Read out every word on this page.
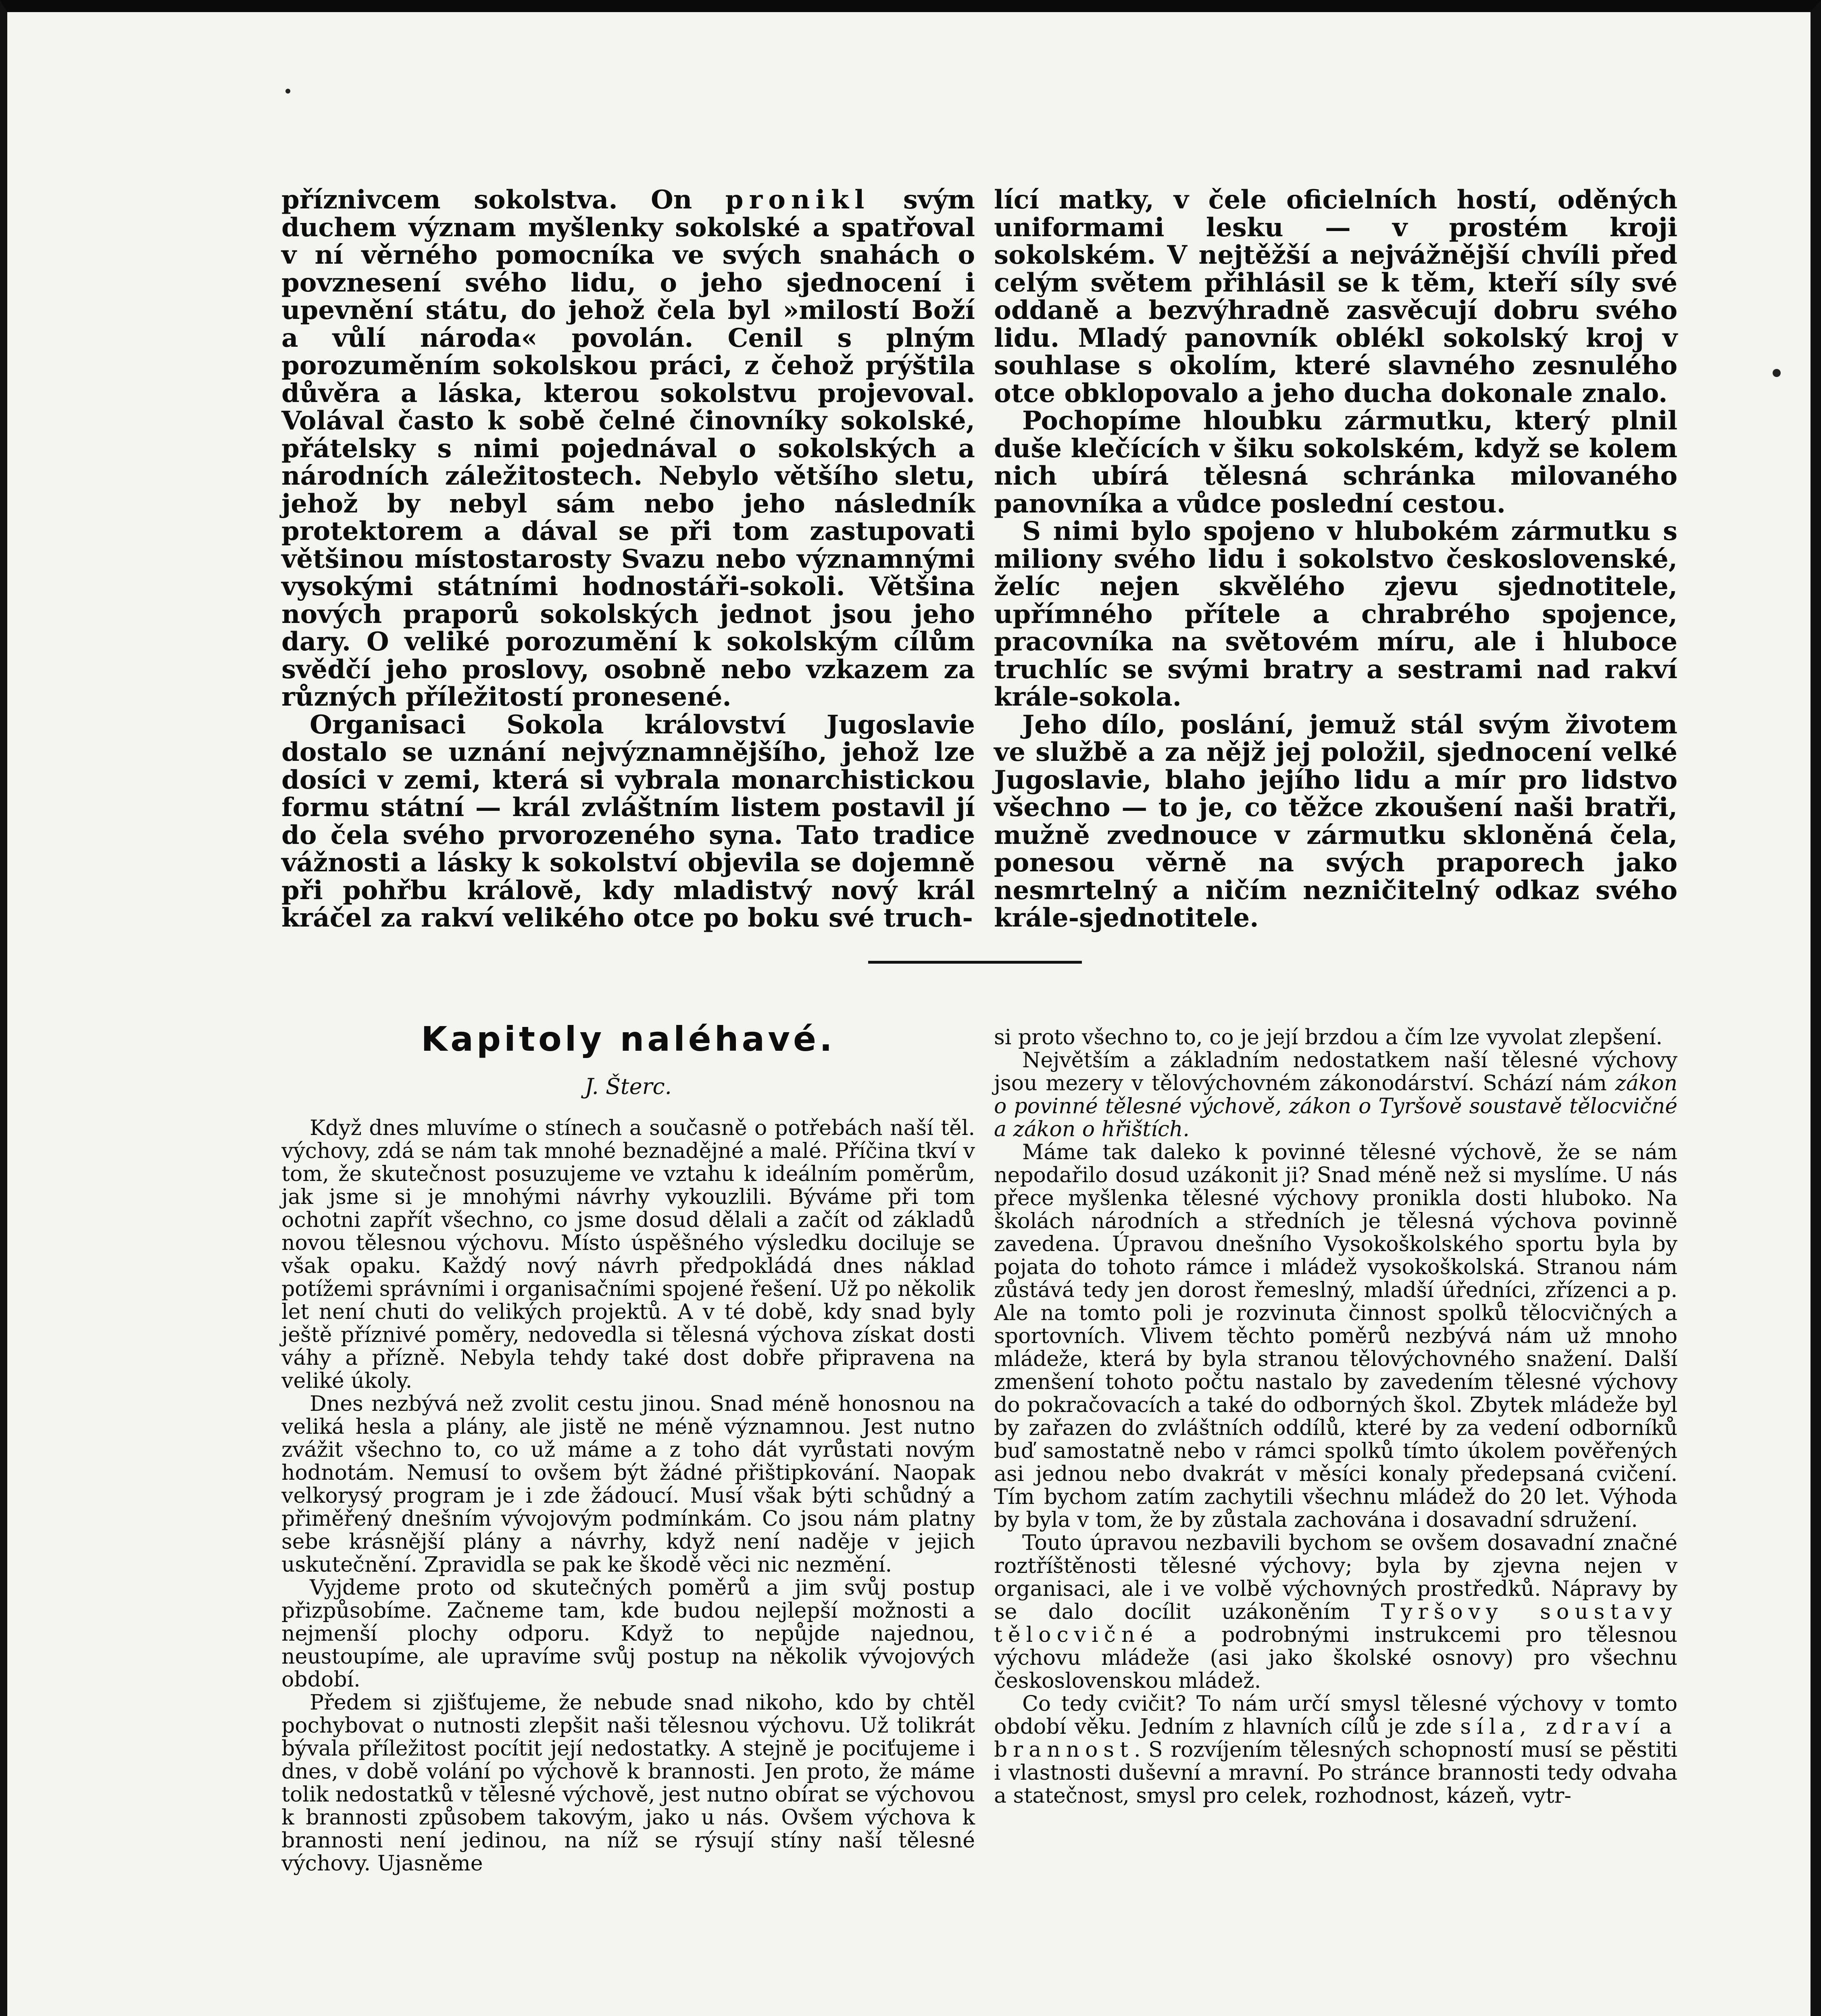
příznivcem sokolstva. On pronikl svým duchem význam myšlenky sokolské a spatřoval v ní věrného pomocníka ve svých snahách o povznesení svého lidu, o jeho sjednocení i upevnění státu, do jehož čela byl »milostí Boží a vůlí národa« povolán. Cenil s plným porozuměním sokolskou práci, z čehož prýštila důvěra a láska, kterou sokolstvu projevoval. Volával často k sobě čelné činovníky sokolské, přátelsky s nimi pojednával o sokolských a národních záležitostech. Nebylo většího sletu, jehož by nebyl sám nebo jeho následník protektorem a dával se při tom zastupovati většinou místostarosty Svazu nebo významnými vysokými státními hodnostáři-sokoli. Většina nových praporů sokolských jednot jsou jeho dary. O veliké porozumění k sokolským cílům svědčí jeho proslovy, osobně nebo vzkazem za různých příležitostí pronesené.

Organisaci Sokola království Jugoslavie dostalo se uznání nejvýznamnějšího, jehož lze dosíci v zemi, která si vybrala monarchistickou formu státní — král zvláštním listem postavil jí do čela svého prvorozeného syna. Tato tradice vážnosti a lásky k sokolství objevila se dojemně při pohřbu královĕ, kdy mladistvý nový král kráčel za rakví velikého otce po boku své truch-

lící matky, v čele oficielních hostí, oděných uniformami lesku — v prostém kroji sokolském. V nejtěžší a nejvážnější chvíli před celým světem přihlásil se k těm, kteří síly své oddaně a bezvýhradně zasvěcují dobru svého lidu. Mladý panovník oblékl sokolský kroj v souhlase s okolím, které slavného zesnulého otce obklopovalo a jeho ducha dokonale znalo.

Pochopíme hloubku zármutku, který plnil duše klečících v šiku sokolském, když se kolem nich ubírá tělesná schránka milovaného panovníka a vůdce poslední cestou.

S nimi bylo spojeno v hlubokém zármutku s miliony svého lidu i sokolstvo československé, želíc nejen skvělého zjevu sjednotitele, upřímného přítele a chrabrého spojence, pracovníka na světovém míru, ale i hluboce truchlíc se svými bratry a sestrami nad rakví krále-sokola.

Jeho dílo, poslání, jemuž stál svým životem ve službě a za nějž jej položil, sjednocení velké Jugoslavie, blaho jejího lidu a mír pro lidstvo všechno — to je, co těžce zkoušení naši bratři, mužně zvednouce v zármutku skloněná čela, ponesou věrně na svých praporech jako nesmrtelný a ničím nezničitelný odkaz svého krále-sjednotitele.

Kapitoly naléhavé.

J. Šterc.

Když dnes mluvíme o stínech a současně o potřebách naší těl. výchovy, zdá se nám tak mnohé beznadějné a malé. Příčina tkví v tom, že skutečnost posuzujeme ve vztahu k ideálním poměrům, jak jsme si je mnohými návrhy vykouzlili. Býváme při tom ochotni zapřít všechno, co jsme dosud dělali a začít od základů novou tělesnou výchovu. Místo úspěšného výsledku dociluje se však opaku. Každý nový návrh předpokládá dnes náklad potížemi správními i organisačními spojené řešení. Už po několik let není chuti do velikých projektů. A v té době, kdy snad byly ještě příznivé poměry, nedovedla si tělesná výchova získat dosti váhy a přízně. Nebyla tehdy také dost dobře připravena na veliké úkoly.

Dnes nezbývá než zvolit cestu jinou. Snad méně honosnou na veliká hesla a plány, ale jistě ne méně významnou. Jest nutno zvážit všechno to, co už máme a z toho dát vyrůstati novým hodnotám. Nemusí to ovšem být žádné přištipkování. Naopak velkorysý program je i zde žádoucí. Musí však býti schůdný a přiměřený dnešním vývojovým podmínkám. Co jsou nám platny sebe krásnější plány a návrhy, když není naděje v jejich uskutečnění. Zpravidla se pak ke škodě věci nic nezmění.

Vyjdeme proto od skutečných poměrů a jim svůj postup přizpůsobíme. Začneme tam, kde budou nejlepší možnosti a nejmenší plochy odporu. Když to nepůjde najednou, neustoupíme, ale upravíme svůj postup na několik vývojových období.

Předem si zjišťujeme, že nebude snad nikoho, kdo by chtěl pochybovat o nutnosti zlepšit naši tělesnou výchovu. Už tolikrát bývala příležitost pocítit její nedostatky. A stejně je pociťujeme i dnes, v době volání po výchově k brannosti. Jen proto, že máme tolik nedostatků v tělesné výchově, jest nutno obírat se výchovou k brannosti způsobem takovým, jako u nás. Ovšem výchova k brannosti není jedinou, na níž se rýsují stíny naší tělesné výchovy. Ujasněme

si proto všechno to, co je její brzdou a čím lze vyvolat zlepšení.

Největším a základním nedostatkem naší tělesné výchovy jsou mezery v tělovýchovném zákonodárství. Schází nám zákon o povinné tělesné výchově, zákon o Tyršově soustavě tělocvičné a zákon o hřištích.

Máme tak daleko k povinné tělesné výchově, že se nám nepodařilo dosud uzákonit ji? Snad méně než si myslíme. U nás přece myšlenka tělesné výchovy pronikla dosti hluboko. Na školách národních a středních je tělesná výchova povinně zavedena. Úpravou dnešního Vysokoškolského sportu byla by pojata do tohoto rámce i mládež vysokoškolská. Stranou nám zůstává tedy jen dorost řemeslný, mladší úředníci, zřízenci a p. Ale na tomto poli je rozvinuta činnost spolků tělocvičných a sportovních. Vlivem těchto poměrů nezbývá nám už mnoho mládeže, která by byla stranou tělovýchovného snažení. Další zmenšení tohoto počtu nastalo by zavedením tělesné výchovy do pokračovacích a také do odborných škol. Zbytek mládeže byl by zařazen do zvláštních oddílů, které by za vedení odborníků buď samostatně nebo v rámci spolků tímto úkolem pověřených asi jednou nebo dvakrát v měsíci konaly předepsaná cvičení. Tím bychom zatím zachytili všechnu mládež do 20 let. Výhoda by byla v tom, že by zůstala zachována i dosavadní sdružení.

Touto úpravou nezbavili bychom se ovšem dosavadní značné roztříštěnosti tělesné výchovy; byla by zjevna nejen v organisaci, ale i ve volbě výchovných prostředků. Nápravy by se dalo docílit uzákoněním Tyršovy soustavy tělocvičné a podrobnými instrukcemi pro tělesnou výchovu mládeže (asi jako školské osnovy) pro všechnu československou mládež.

Co tedy cvičit? To nám určí smysl tělesné výchovy v tomto období věku. Jedním z hlavních cílů je zde síla, zdraví a brannost. S rozvíjením tělesných schopností musí se pěstiti i vlastnosti duševní a mravní. Po stránce brannosti tedy odvaha a statečnost, smysl pro celek, rozhodnost, kázeň, vytr-
